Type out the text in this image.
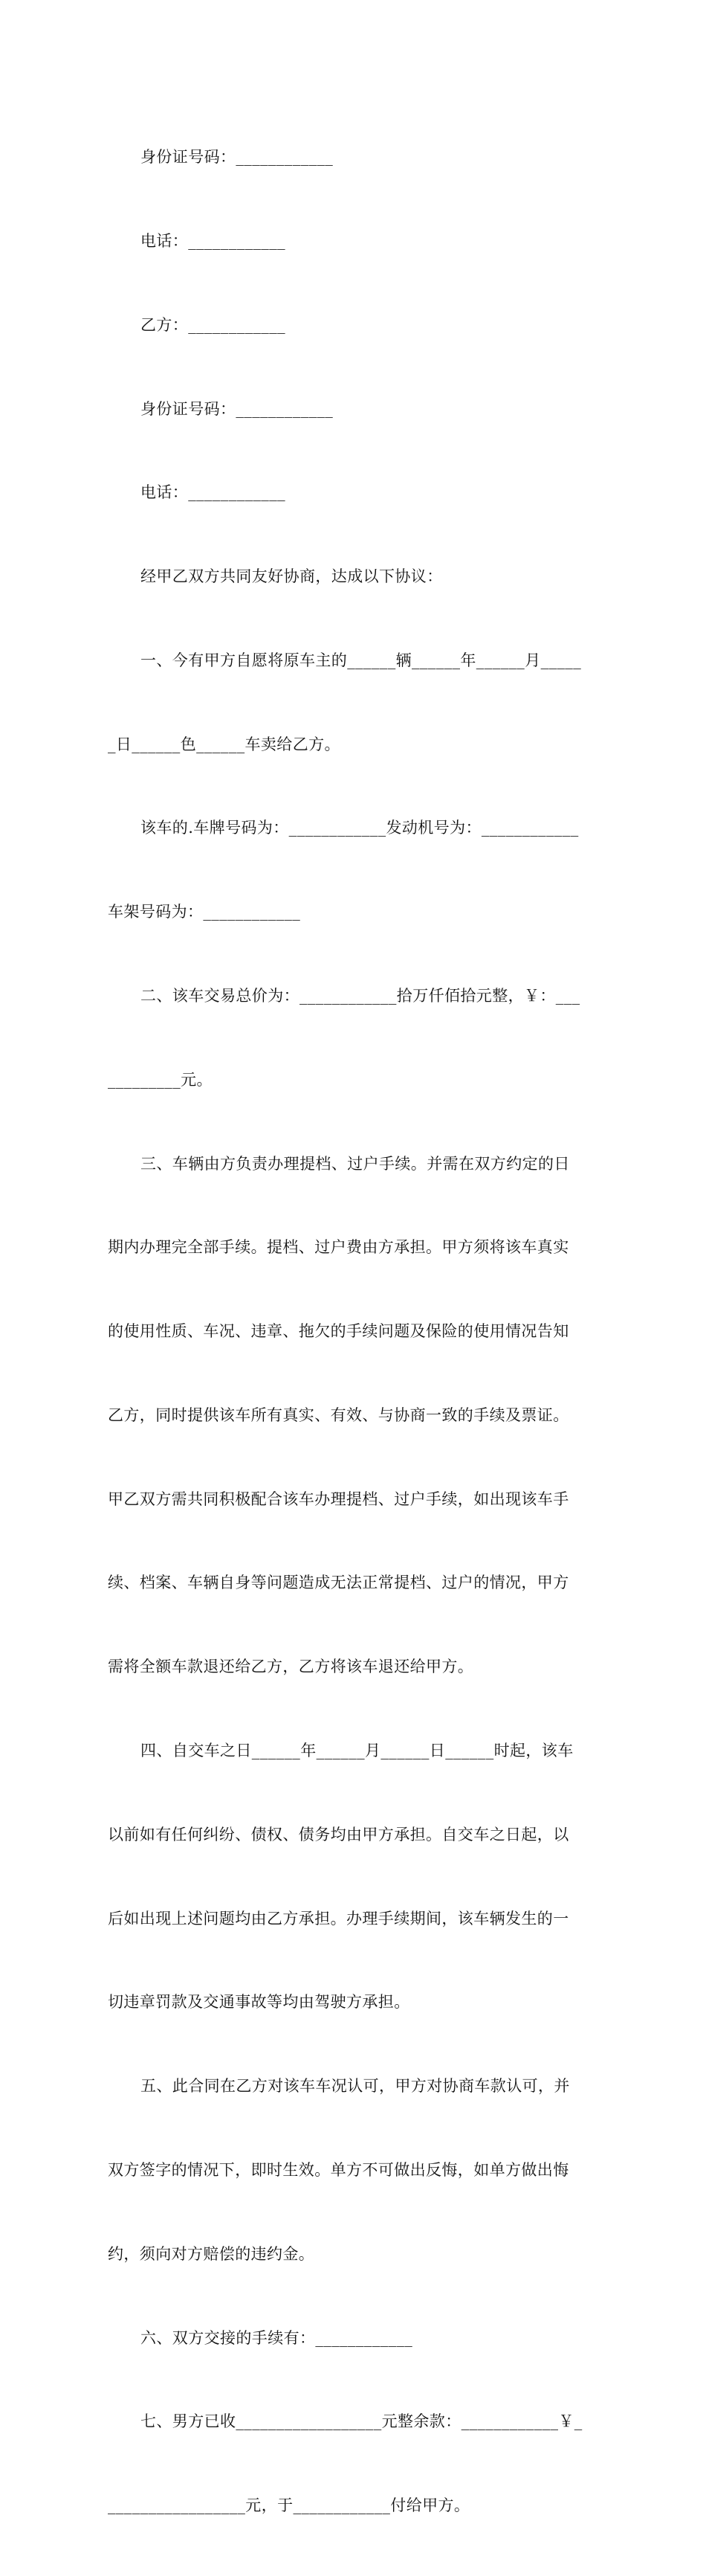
身份证号码：____________

电话：____________

乙方：____________

身份证号码：____________

电话：____________

经甲乙双方共同友好协商，达成以下协议：

一、今有甲方自愿将原车主的______辆______年______月_____

_日______色______车卖给乙方。

该车的.车牌号码为：____________发动机号为：____________

车架号码为：____________

二、该车交易总价为：____________拾万仟佰拾元整，￥：___

_________元。

三、车辆由方负责办理提档、过户手续。并需在双方约定的日

期内办理完全部手续。提档、过户费由方承担。甲方须将该车真实

的使用性质、车况、违章、拖欠的手续问题及保险的使用情况告知

乙方，同时提供该车所有真实、有效、与协商一致的手续及票证。

甲乙双方需共同积极配合该车办理提档、过户手续，如出现该车手

续、档案、车辆自身等问题造成无法正常提档、过户的情况，甲方

需将全额车款退还给乙方，乙方将该车退还给甲方。

四、自交车之日______年______月______日______时起，该车

以前如有任何纠纷、债权、债务均由甲方承担。自交车之日起，以

后如出现上述问题均由乙方承担。办理手续期间，该车辆发生的一

切违章罚款及交通事故等均由驾驶方承担。

五、此合同在乙方对该车车况认可，甲方对协商车款认可，并

双方签字的情况下，即时生效。单方不可做出反悔，如单方做出悔

约，须向对方赔偿的违约金。

六、双方交接的手续有：____________

七、男方已收__________________元整余款：____________￥_

_________________元，于____________付给甲方。
